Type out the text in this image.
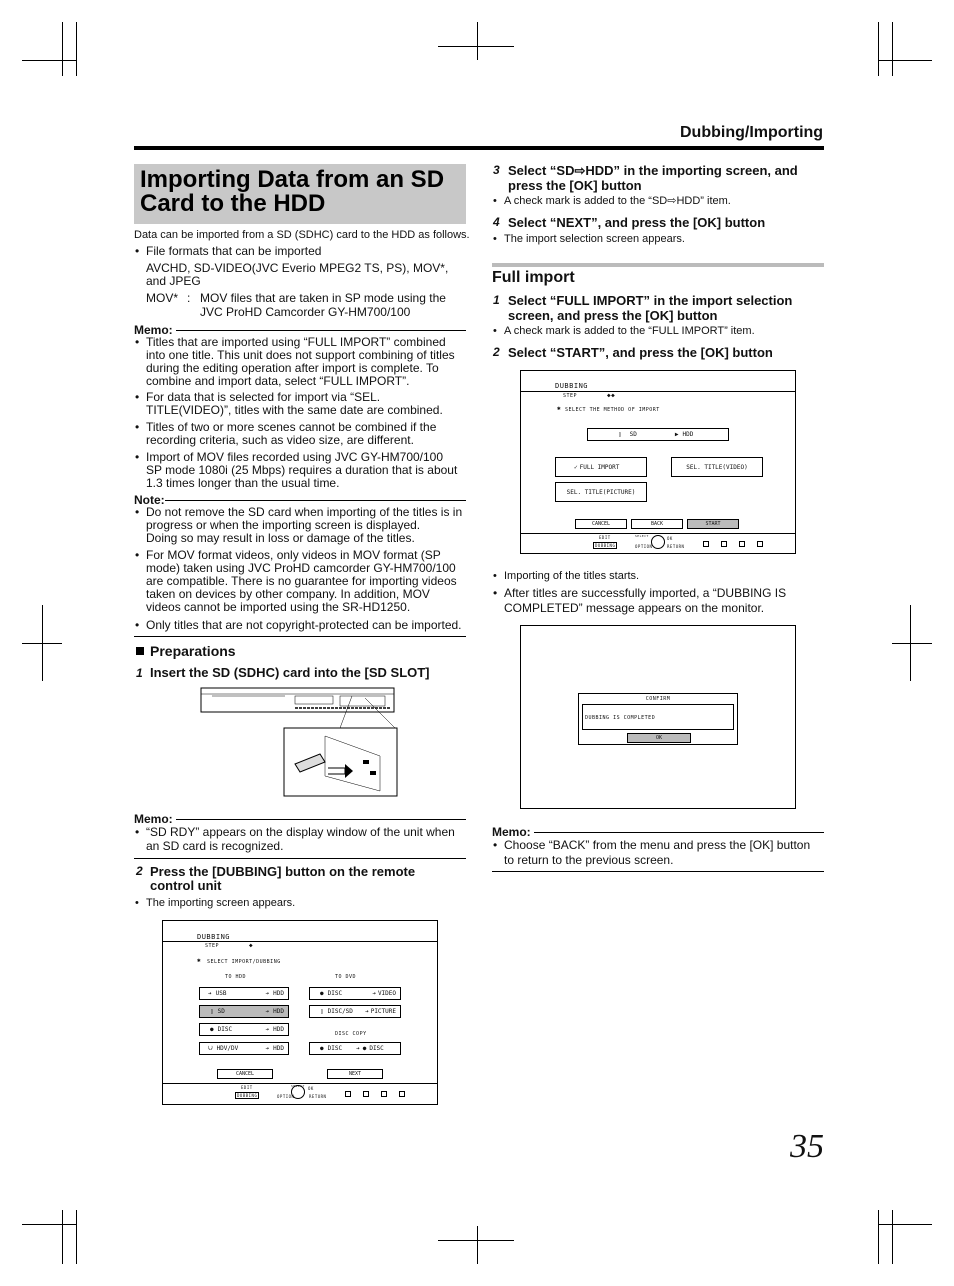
Dubbing/Importing
Importing Data from an SD Card to the HDD
Data can be imported from a SD (SDHC) card to the HDD as follows.
• File formats that can be imported
AVCHD, SD-VIDEO(JVC Everio MPEG2 TS, PS), MOV*,
and JPEG
MOV* : MOV files that are taken in SP mode using the
JVC ProHD Camcorder GY-HM700/100
Memo:
• Titles that are imported using “FULL IMPORT” combined
into one title. This unit does not support combining of titles
during the editing operation after import is complete. To
combine and import data, select “FULL IMPORT”.
• For data that is selected for import via “SEL.
TITLE(VIDEO)”, titles with the same date are combined.
• Titles of two or more scenes cannot be combined if the
recording criteria, such as video size, are different.
• Import of MOV files recorded using JVC GY-HM700/100
SP mode 1080i (25 Mbps) requires a duration that is about
1.3 times longer than the usual time.
Note:
• Do not remove the SD card when importing of the titles is in
progress or when the importing screen is displayed.
Doing so may result in loss or damage of the titles.
• For MOV format videos, only videos in MOV format (SP
mode) taken using JVC ProHD camcorder GY-HM700/100
are compatible. There is no guarantee for importing videos
taken on devices by other company. In addition, MOV
videos cannot be imported using the SR-HD1250.
• Only titles that are not copyright-protected can be imported.
Preparations
1 Insert the SD (SDHC) card into the [SD SLOT]
Memo:
• “SD RDY” appears on the display window of the unit when
an SD card is recognized.
2 Press the [DUBBING] button on the remote
control unit
• The importing screen appears.
DUBBING
STEP	◆
✱ SELECT IMPORT/DUBBING
TO HDD	TO DVD
➔ USB	➔ HDD
▯ SD	➔ HDD
● DISC	➔ HDD
⮋ HDV/DV	➔ HDD
● DISC	➔ VIDEO
▯ DISC/SD ➔ PICTURE
DISC COPY
● DISC ➔ ● DISC
CANCEL	NEXT
EDIT
DUBBING
SELECT OK
OPTION	RETURN
3 Select “SD⇨HDD” in the importing screen, and
press the [OK] button
• A check mark is added to the “SD⇨HDD” item.
4 Select “NEXT”, and press the [OK] button
• The import selection screen appears.
Full import
1 Select “FULL IMPORT” in the import selection
screen, and press the [OK] button
• A check mark is added to the “FULL IMPORT” item.
2 Select “START”, and press the [OK] button
DUBBING
STEP	◆◆
✱ SELECT THE METHOD OF IMPORT
▯ SD	▶ HDD
✓ FULL IMPORT	SEL. TITLE(VIDEO)
SEL. TITLE(PICTURE)
CANCEL	BACK	START
EDIT
DUBBING
SELECT	OK
OPTION	RETURN
• Importing of the titles starts.
• After titles are successfully imported, a “DUBBING IS
COMPLETED” message appears on the monitor.
CONFIRM
DUBBING IS COMPLETED
OK
Memo:
• Choose “BACK” from the menu and press the [OK] button
to return to the previous screen.
35
